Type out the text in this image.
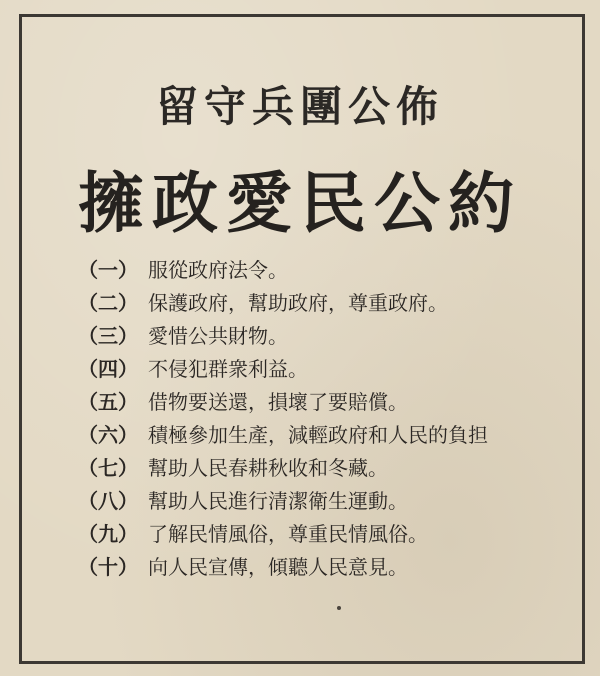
留守兵團公佈
擁政愛民公約
（一） 服從政府法令。
（二） 保護政府，幫助政府，尊重政府。
（三） 愛惜公共財物。
（四） 不侵犯群衆利益。
（五） 借物要送還，損壞了要賠償。
（六） 積極參加生產，減輕政府和人民的負担
（七） 幫助人民春耕秋收和冬藏。
（八） 幫助人民進行清潔衛生運動。
（九） 了解民情風俗，尊重民情風俗。
（十） 向人民宣傳，傾聽人民意見。
